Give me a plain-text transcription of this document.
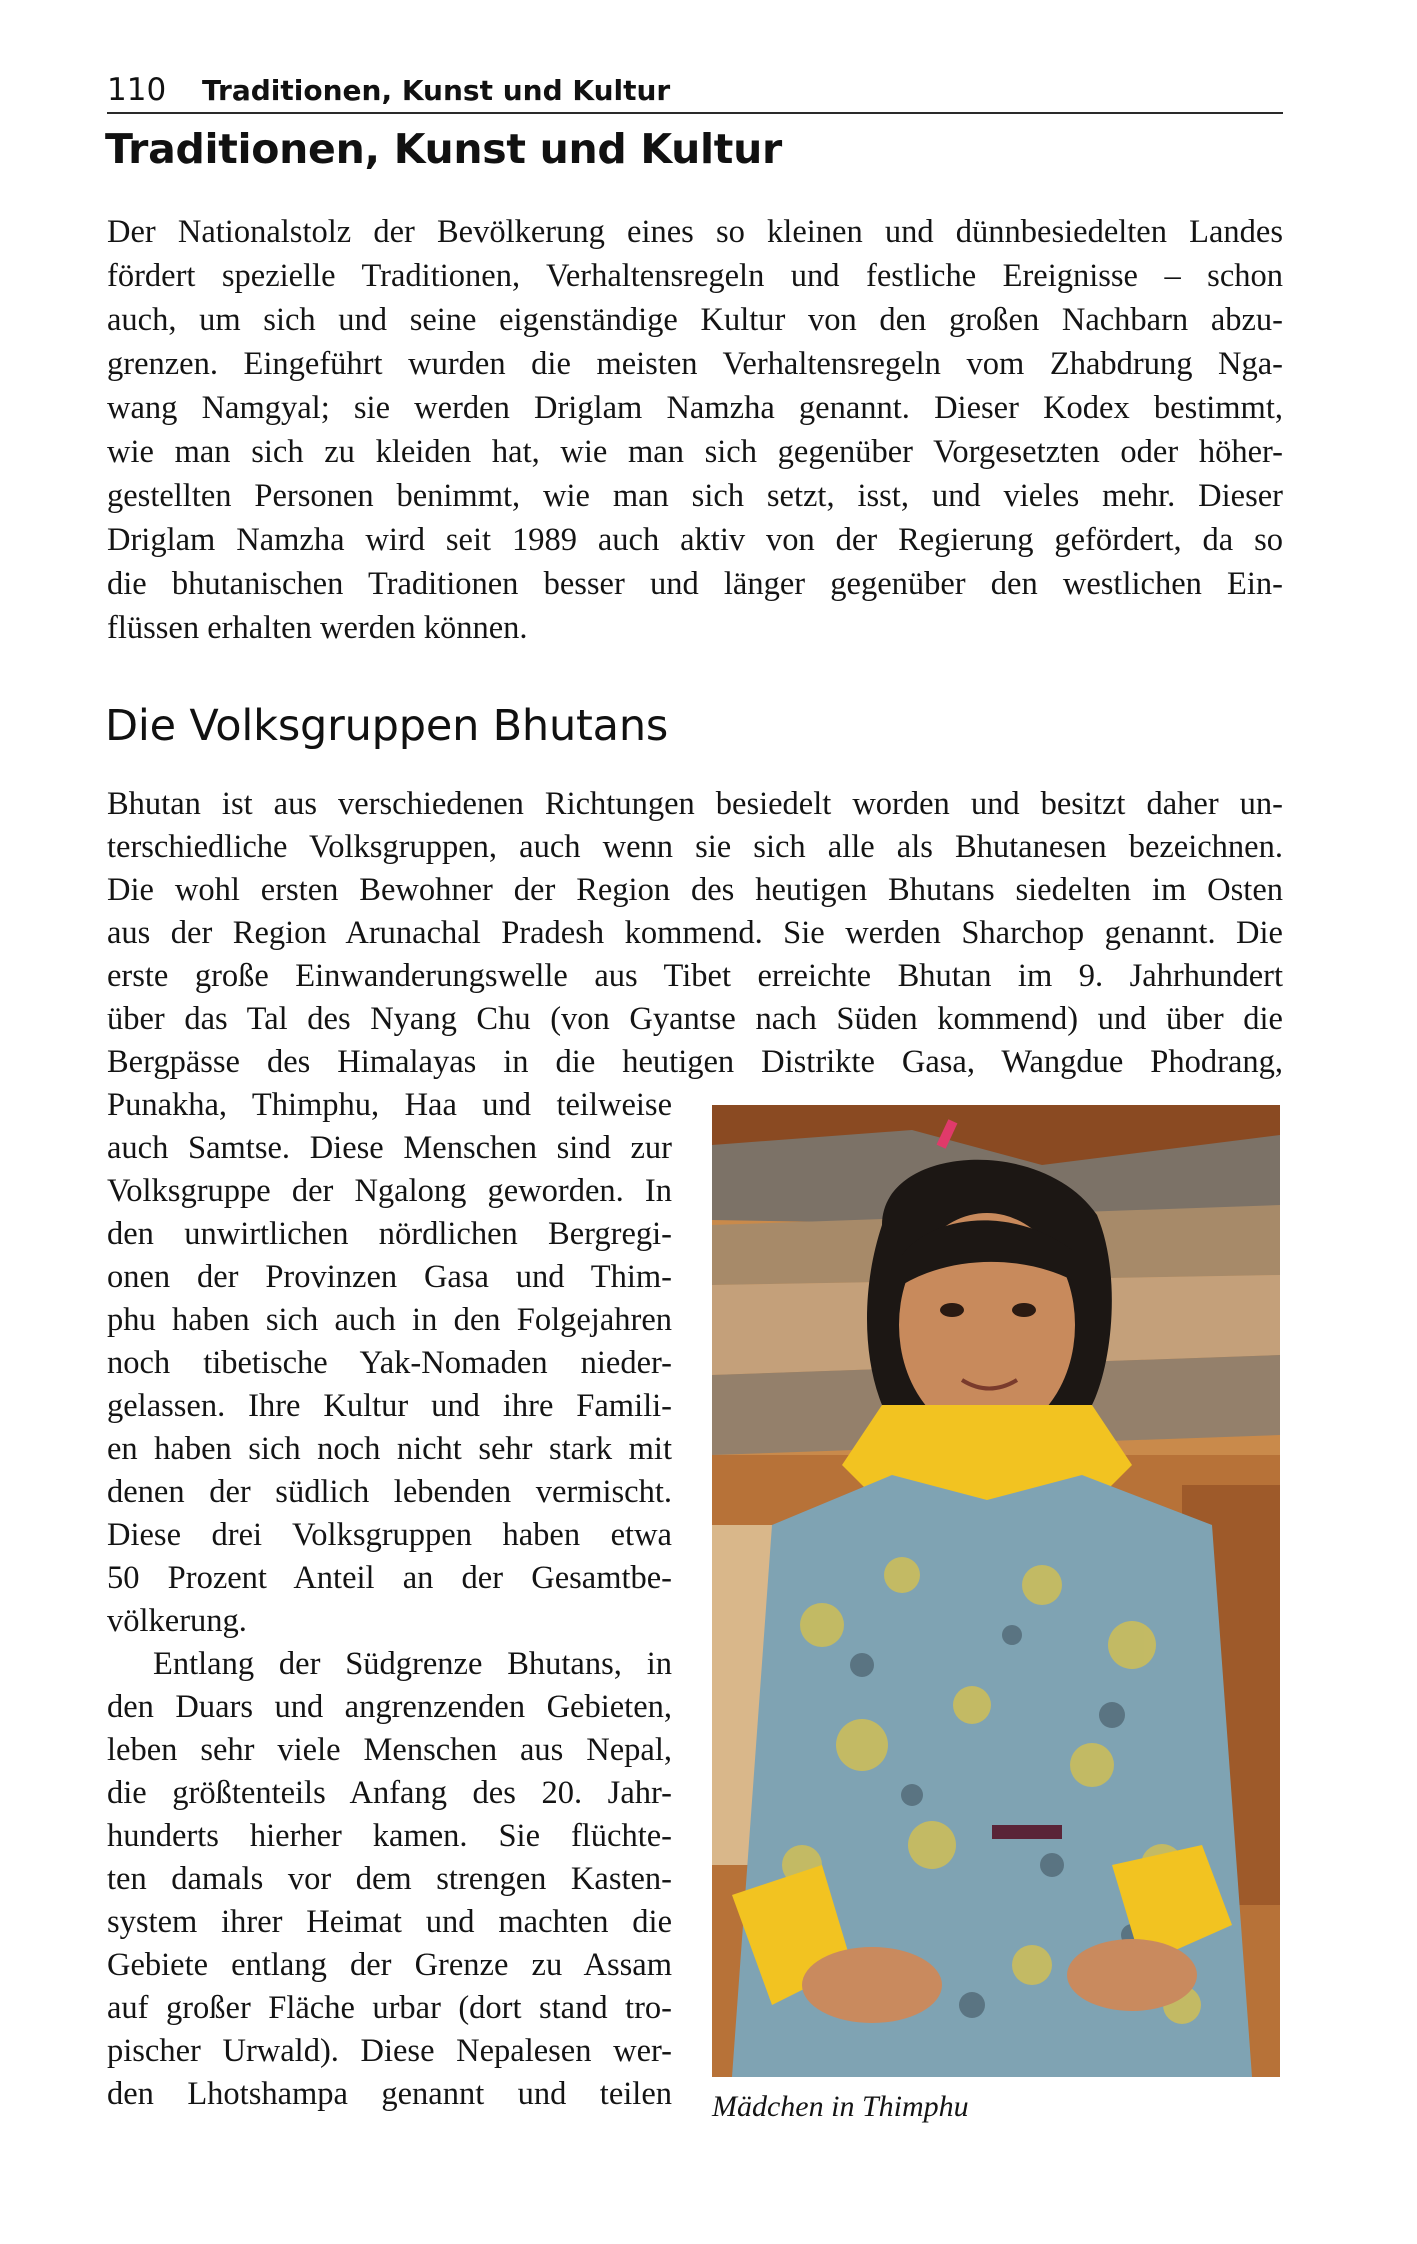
110 Traditionen, Kunst und Kultur
Traditionen, Kunst und Kultur
Der Nationalstolz der Bevölkerung eines so kleinen und dünnbesiedelten Landes
fördert spezielle Traditionen, Verhaltensregeln und festliche Ereignisse – schon
auch, um sich und seine eigenständige Kultur von den großen Nachbarn abzu-
grenzen. Eingeführt wurden die meisten Verhaltensregeln vom Zhabdrung Nga-
wang Namgyal; sie werden Driglam Namzha genannt. Dieser Kodex bestimmt,
wie man sich zu kleiden hat, wie man sich gegenüber Vorgesetzten oder höher-
gestellten Personen benimmt, wie man sich setzt, isst, und vieles mehr. Dieser
Driglam Namzha wird seit 1989 auch aktiv von der Regierung gefördert, da so
die bhutanischen Traditionen besser und länger gegenüber den westlichen Ein-
flüssen erhalten werden können.
Die Volksgruppen Bhutans
Bhutan ist aus verschiedenen Richtungen besiedelt worden und besitzt daher un-
terschiedliche Volksgruppen, auch wenn sie sich alle als Bhutanesen bezeichnen.
Die wohl ersten Bewohner der Region des heutigen Bhutans siedelten im Osten
aus der Region Arunachal Pradesh kommend. Sie werden Sharchop genannt. Die
erste große Einwanderungswelle aus Tibet erreichte Bhutan im 9. Jahrhundert
über das Tal des Nyang Chu (von Gyantse nach Süden kommend) und über die
Bergpässe des Himalayas in die heutigen Distrikte Gasa, Wangdue Phodrang,
Punakha, Thimphu, Haa und teilweise
auch Samtse. Diese Menschen sind zur
Volksgruppe der Ngalong geworden. In
den unwirtlichen nördlichen Bergregi-
onen der Provinzen Gasa und Thim-
phu haben sich auch in den Folgejahren
noch tibetische Yak-Nomaden nieder-
gelassen. Ihre Kultur und ihre Famili-
en haben sich noch nicht sehr stark mit
denen der südlich lebenden vermischt.
Diese drei Volksgruppen haben etwa
50 Prozent Anteil an der Gesamtbe-
völkerung.
Entlang der Südgrenze Bhutans, in
den Duars und angrenzenden Gebieten,
leben sehr viele Menschen aus Nepal,
die größtenteils Anfang des 20. Jahr-
hunderts hierher kamen. Sie flüchte-
ten damals vor dem strengen Kasten-
system ihrer Heimat und machten die
Gebiete entlang der Grenze zu Assam
auf großer Fläche urbar (dort stand tro-
pischer Urwald). Diese Nepalesen wer-
den Lhotshampa genannt und teilen Mädchen in Thimphu
